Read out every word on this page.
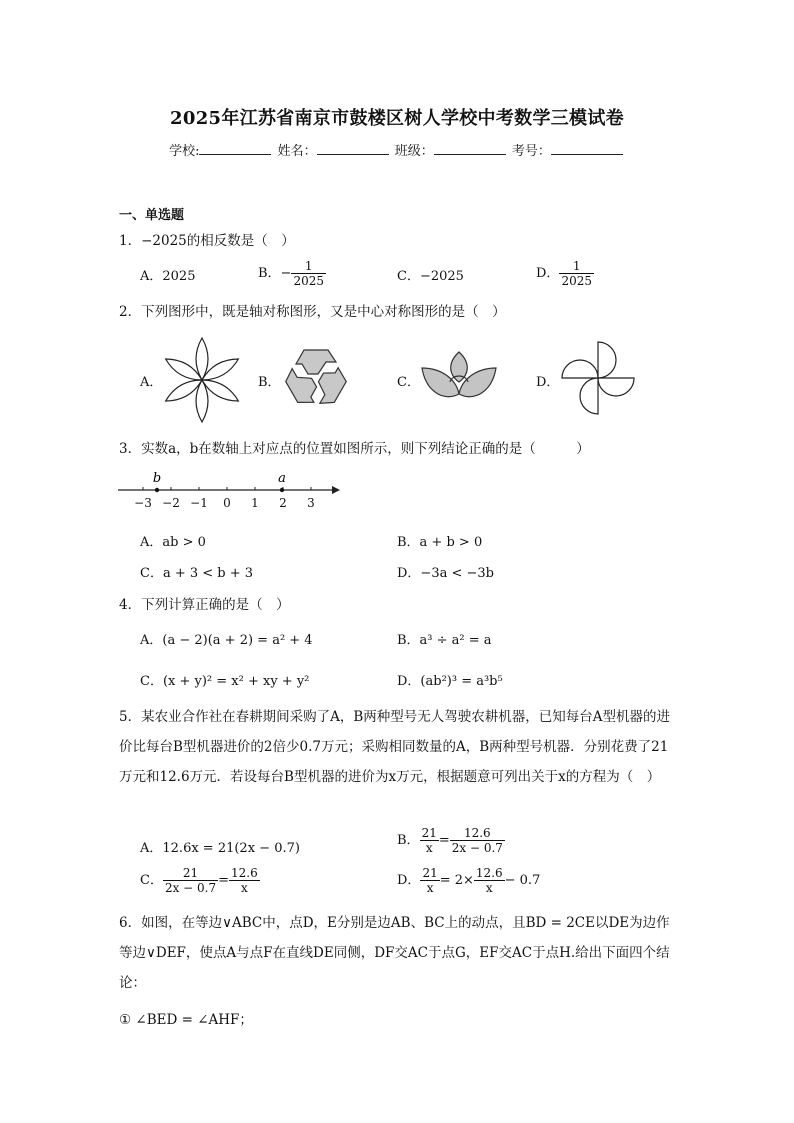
2025年江苏省南京市鼓楼区树人学校中考数学三模试卷
学校:	姓名：	班级：	考号：
一、单选题
1．−2025的相反数是（　）
A．2025	B．− $\frac{1}{2025}$	C．−2025	D． $\frac{1}{2025}$
2．下列图形中，既是轴对称图形，又是中心对称图形的是（　）
A．	B．	C．	D．
3．实数a，b在数轴上对应点的位置如图所示，则下列结论正确的是（　　　）
−3 −2 −1 0 1 2 3
b	a
A．ab > 0	B．a + b > 0
C．a + 3 < b + 3	D．−3a < −3b
4．下列计算正确的是（　）
A．(a − 2)(a + 2) = a² + 4	B．a³ ÷ a² = a
C．(x + y)² = x² + xy + y²	D．(ab²)³ = a³b⁵
5．某农业合作社在春耕期间采购了A，B两种型号无人驾驶农耕机器，已知每台A型机器的进价比每台B型机器进价的2倍少0.7万元；采购相同数量的A，B两种型号机器．分别花费了21万元和12.6万元．若设每台B型机器的进价为x万元，根据题意可列出关于x的方程为（　）
A．12.6x = 21(2x − 0.7)
B． $\frac{21}{x} = \frac{12.6}{2x - 0.7}$
C． $\frac{21}{2x - 0.7} = \frac{12.6}{x}$	D． $\frac{21}{x} = 2\times \frac{12.6}{x} - 0.7$
6．如图，在等边∨ABC中，点D，E分别是边AB、BC上的动点，且BD = 2CE以DE为边作等边∨DEF，使点A与点F在直线DE同侧，DF交AC于点G，EF交AC于点H.给出下面四个结论：
① ∠BED = ∠AHF；
